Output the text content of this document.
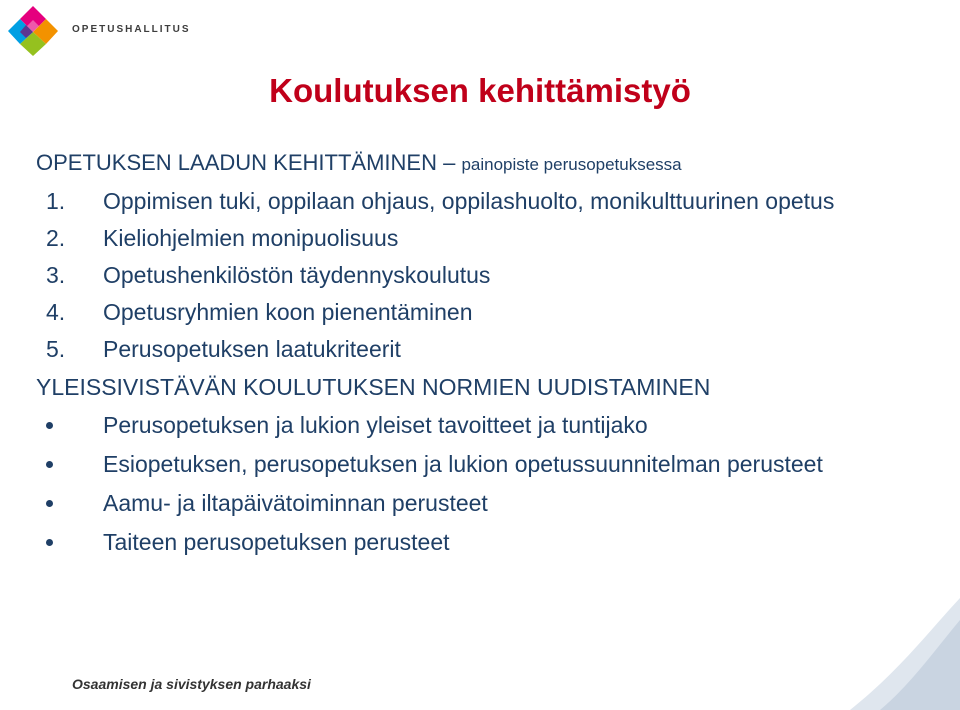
OPETUSHALLITUS
Koulutuksen kehittämistyö

OPETUKSEN LAADUN KEHITTÄMINEN – painopiste perusopetuksessa

1. Oppimisen tuki, oppilaan ohjaus, oppilashuolto, monikulttuurinen opetus
2. Kieliohjelmien monipuolisuus
3. Opetushenkilöstön täydennyskoulutus
4. Opetusryhmien koon pienentäminen
5. Perusopetuksen laatukriteerit

YLEISSIVISTÄVÄN KOULUTUKSEN NORMIEN UUDISTAMINEN

Perusopetuksen ja lukion yleiset tavoitteet ja tuntijako
Esiopetuksen, perusopetuksen ja lukion opetussuunnitelman perusteet
Aamu- ja iltapäivätoiminnan perusteet
Taiteen perusopetuksen perusteet
Osaamisen ja sivistyksen parhaaksi
